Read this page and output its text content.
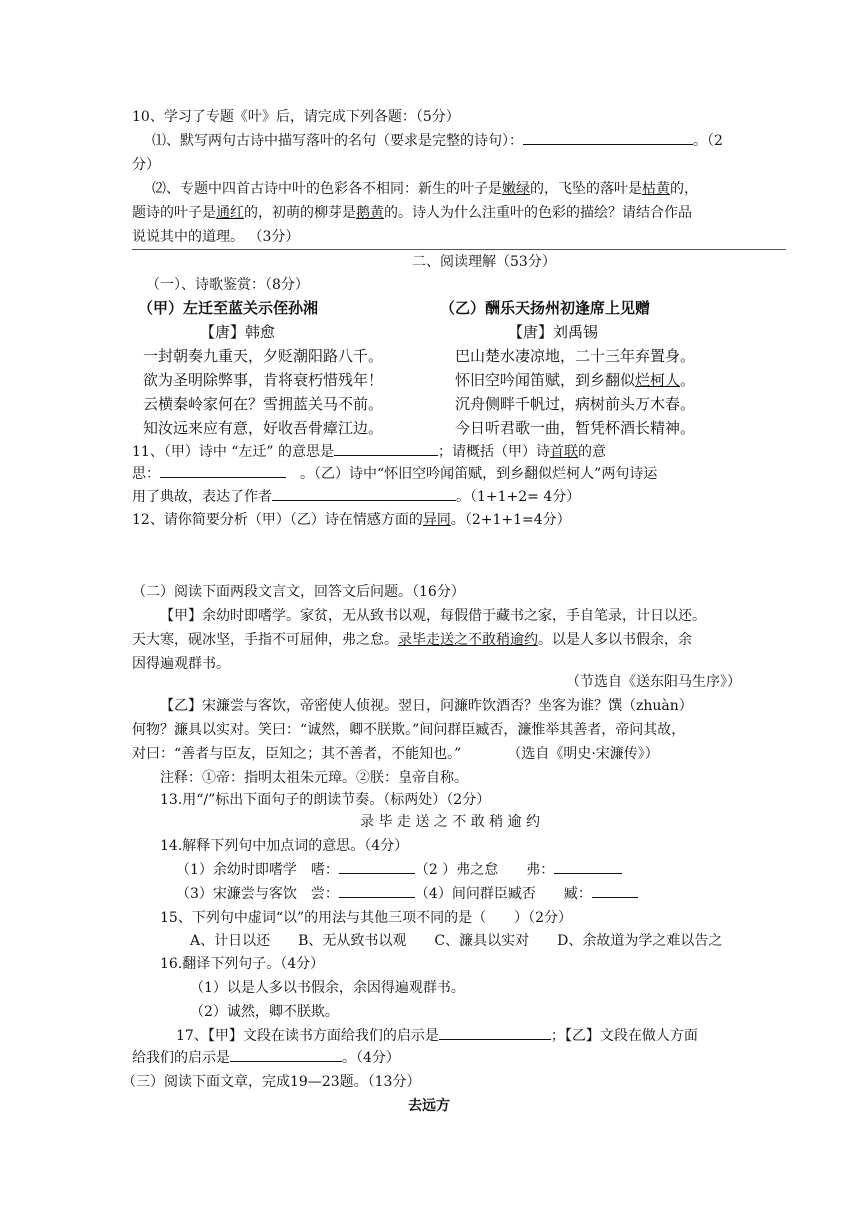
10、学习了专题《叶》后，请完成下列各题：（5分）
⑴、默写两句古诗中描写落叶的名句（要求是完整的诗句）：	。（2
分）
⑵、专题中四首古诗中叶的色彩各不相同：新生的叶子是嫩绿的，飞坠的落叶是枯黄的，
题诗的叶子是通红的，初萌的柳芽是鹅黄的。诗人为什么注重叶的色彩的描绘？请结合作品
说说其中的道理。 （3分）
二、阅读理解（53分）
（一）、诗歌鉴赏：（8分）
（甲）左迁至蓝关示侄孙湘
【唐】韩愈
一封朝奏九重天，夕贬潮阳路八千。
欲为圣明除弊事，肯将衰朽惜残年！
云横秦岭家何在？雪拥蓝关马不前。
知汝远来应有意，好收吾骨瘴江边。
（乙）酬乐天扬州初逢席上见赠
【唐】刘禹锡
巴山楚水凄凉地，二十三年弃置身。
怀旧空吟闻笛赋，到乡翻似烂柯人。
沉舟侧畔千帆过，病树前头万木春。
今日听君歌一曲，暂凭杯酒长精神。
11、（甲）诗中 “左迁” 的意思是	；请概括（甲）诗首联的意
思：	。（乙）诗中“怀旧空吟闻笛赋，到乡翻似烂柯人”两句诗运
用了典故，表达了作者	。（1+1+2= 4分）
12、请你简要分析（甲）（乙）诗在情感方面的异同。（2+1+1=4分）
（二）阅读下面两段文言文，回答文后问题。（16分）
【甲】余幼时即嗜学。家贫，无从致书以观，每假借于藏书之家，手自笔录，计日以还。
天大寒，砚冰坚，手指不可屈伸，弗之怠。录毕走送之不敢稍逾约。以是人多以书假余，余
因得遍观群书。
（节选自《送东阳马生序》）
【乙】宋濂尝与客饮，帝密使人侦视。翌日，问濂昨饮酒否？坐客为谁？馔（zhuàn）
何物？濂具以实对。笑曰：“诚然，卿不朕欺。”间问群臣臧否，濂惟举其善者，帝问其故，
对曰：“善者与臣友，臣知之；其不善者，不能知也。”	（选自《明史·宋濂传》）
注释：①帝：指明太祖朱元璋。②朕：皇帝自称。
13.用“/”标出下面句子的朗读节奏。（标两处）（2分）
录 毕 走 送 之 不 敢 稍 逾 约
14.解释下列句中加点词的意思。（4分）
（1）余幼时即嗜学　嗜：	（2 ）弗之怠　　弗：
（3）宋濂尝与客饮　尝：	（4）间问群臣臧否　　臧：
15、下列句中虚词“以”的用法与其他三项不同的是（　　）（2分）
A、计日以还　　B、无从致书以观　　C、濂具以实对　　D、余故道为学之难以告之
16.翻译下列句子。（4分）
（1）以是人多以书假余，余因得遍观群书。
（2）诚然，卿不朕欺。
17、【甲】文段在读书方面给我们的启示是	；【乙】文段在做人方面
给我们的启示是	。（4分）
（三）阅读下面文章，完成19—23题。（13分）
去远方
